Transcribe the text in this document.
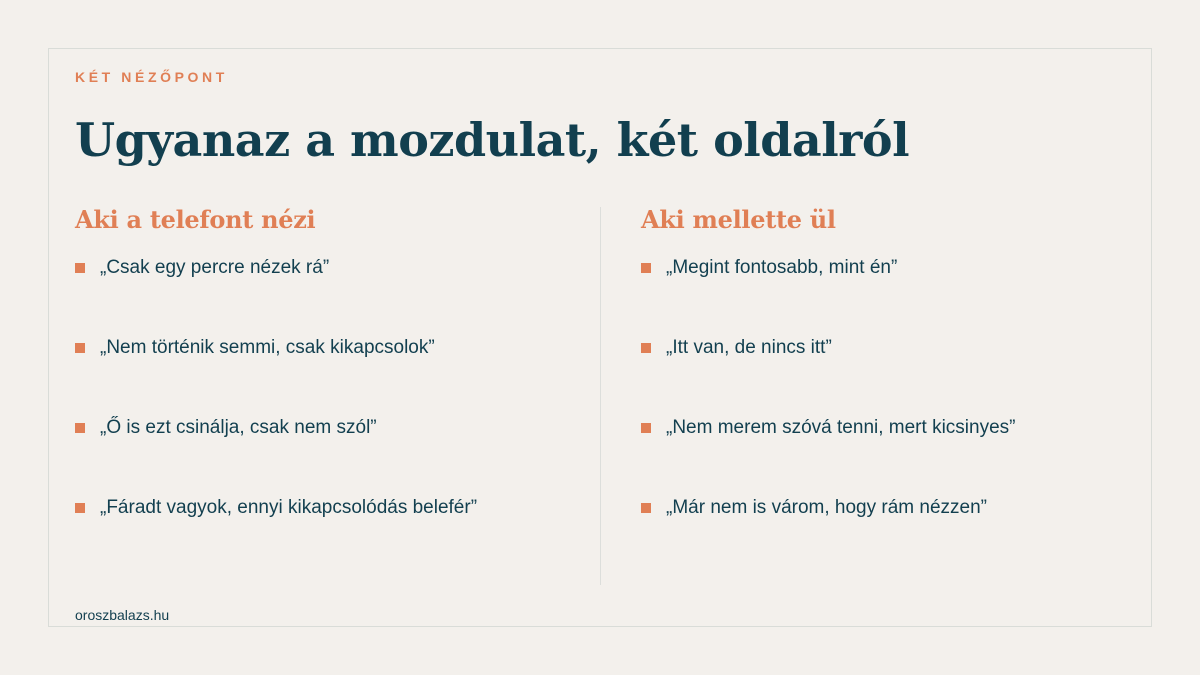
KÉT NÉZŐPONT

Ugyanaz a mozdulat, két oldalról
Aki a telefont nézi
„Csak egy percre nézek rá”
„Nem történik semmi, csak kikapcsolok”
„Ő is ezt csinálja, csak nem szól”
„Fáradt vagyok, ennyi kikapcsolódás belefér”
Aki mellette ül
„Megint fontosabb, mint én”
„Itt van, de nincs itt”
„Nem merem szóvá tenni, mert kicsinyes”
„Már nem is várom, hogy rám nézzen”

oroszbalazs.hu
